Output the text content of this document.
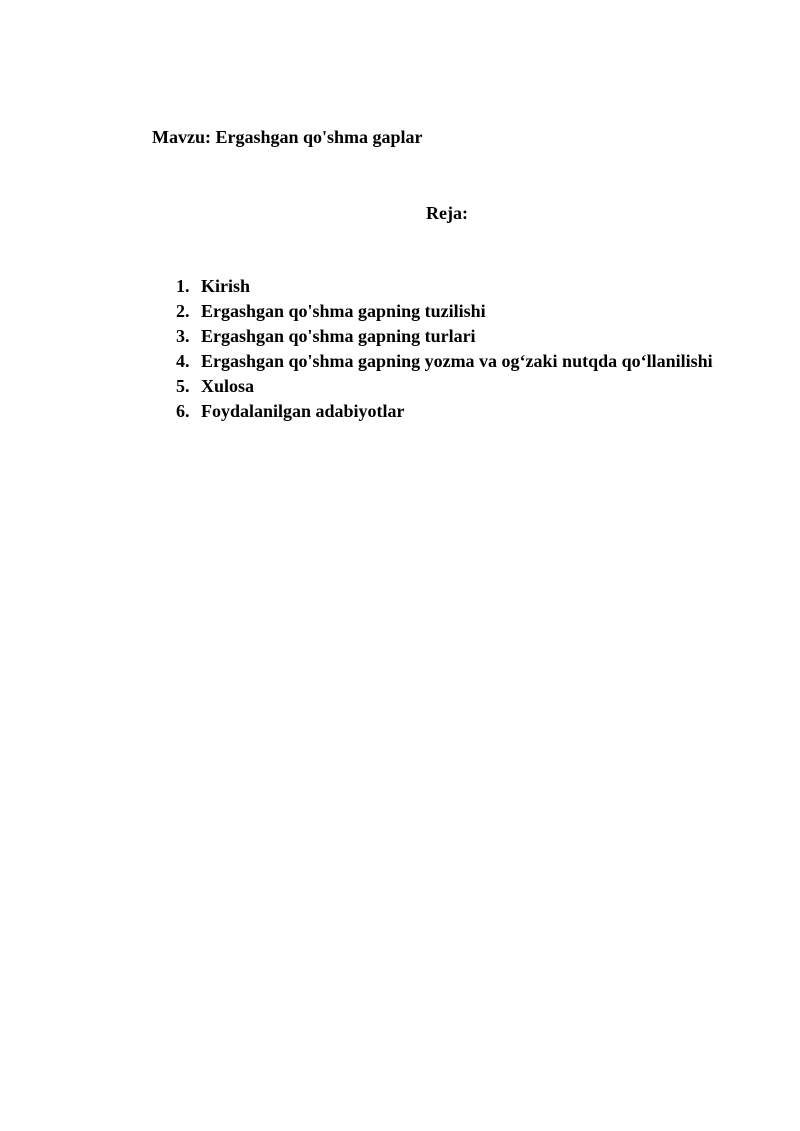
Mavzu: Ergashgan qo'shma gaplar
Reja:
1. Kirish
2. Ergashgan qo'shma gapning tuzilishi
3. Ergashgan qo'shma gapning turlari
4. Ergashgan qo'shma gapning yozma va og‘zaki nutqda qo‘llanilishi
5. Xulosa
6. Foydalanilgan adabiyotlar
